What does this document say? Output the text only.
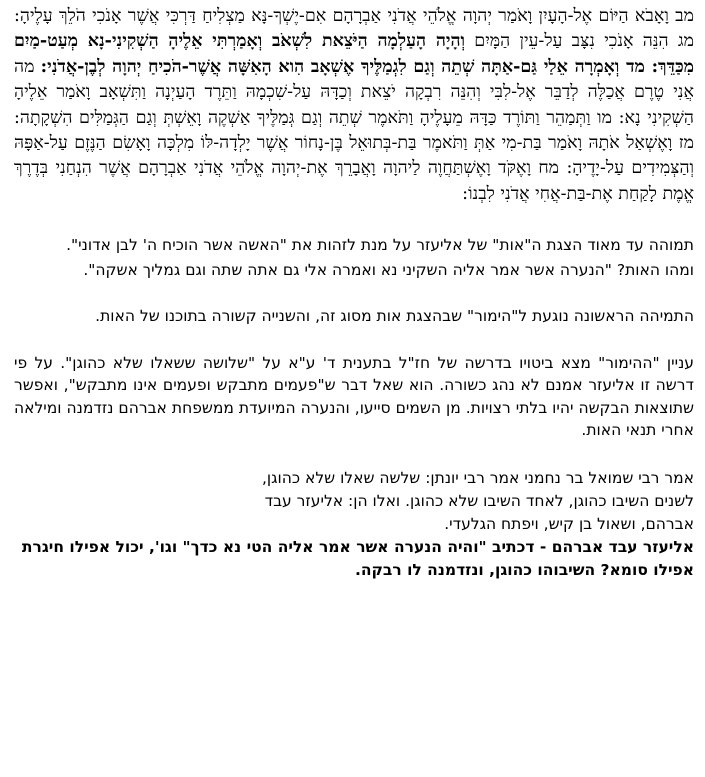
מב וָאָבֹא הַיּוֹם אֶל-הָעָיִן וָאֹמַר יְהוָה אֱלֹהֵי אֲדֹנִי אַבְרָהָם אִם-יֶשְׁךָ-נָּא מַצְלִיחַ דַּרְכִּי אֲשֶׁר אָנֹכִי הֹלֵךְ עָלֶיהָ: מג הִנֵּה אָנֹכִי נִצָּב עַל-עֵין הַמָּיִם וְהָיָה הָעַלְמָה הַיֹּצֵאת לִשְׁאֹב וְאָמַרְתִּי אֵלֶיהָ הַשְׁקִינִי-נָא מְעַט-מַיִם מִכַּדֵּךְ: מד וְאָמְרָה אֵלַי גַּם-אַתָּה שְׁתֵה וְגַם לִגְמַלֶּיךָ אֶשְׁאָב הִוא הָאִשָּׁה אֲשֶׁר-הֹכִיחַ יְהוָה לְבֶן-אֲדֹנִי: מה אֲנִי טֶרֶם אֲכַלֶּה לְדַבֵּר אֶל-לִבִּי וְהִנֵּה רִבְקָה יֹצֵאת וְכַדָּהּ עַל-שִׁכְמָהּ וַתֵּרֶד הָעַיְנָה וַתִּשְׁאָב וָאֹמַר אֵלֶיהָ הַשְׁקִינִי נָא: מו וַתְּמַהֵר וַתּוֹרֶד כַּדָּהּ מֵעָלֶיהָ וַתֹּאמֶר שְׁתֵה וְגַם גְּמַלֶּיךָ אַשְׁקֶה וָאֵשְׁתְּ וְגַם הַגְּמַלִּים הִשְׁקָתָה: מז וָאֶשְׁאַל אֹתָהּ וָאֹמַר בַּת-מִי אַתְּ וַתֹּאמֶר בַּת-בְּתוּאֵל בֶּן-נָחוֹר אֲשֶׁר יָלְדָה-לּוֹ מִלְכָּה וָאָשִׂם הַנֶּזֶם עַל-אַפָּהּ וְהַצְּמִידִים עַל-יָדֶיהָ: מח וָאֶקֹּד וָאֶשְׁתַּחֲוֶה לַיהוָה וָאֲבָרֵךְ אֶת-יְהוָה אֱלֹהֵי אֲדֹנִי אַבְרָהָם אֲשֶׁר הִנְחַנִי בְּדֶרֶךְ אֱמֶת לָקַחַת אֶת-בַּת-אֲחִי אֲדֹנִי לִבְנוֹ:

תמוהה עד מאוד הצגת ה"אות" של אליעזר על מנת לזהות את "האשה אשר הוכיח ה' לבן אדוני".

ומהו האות? "הנערה אשר אמר אליה השקיני נא ואמרה אלי גם אתה שתה וגם גמליך אשקה".

התמיהה הראשונה נוגעת ל"הימור" שבהצגת אות מסוג זה, והשנייה קשורה בתוכנו של האות.

עניין "ההימור" מצא ביטויו בדרשה של חז"ל בתענית ד' ע"א על "שלושה ששאלו שלא כהוגן". על פי דרשה זו אליעזר אמנם לא נהג כשורה. הוא שאל דבר ש"פעמים מתבקש ופעמים אינו מתבקש", ואפשר שתוצאות הבקשה יהיו בלתי רצויות. מן השמים סייעו, והנערה המיועדת ממשפחת אברהם נזדמנה ומילאה אחרי תנאי האות.

אמר רבי שמואל בר נחמני אמר רבי יונתן: שלשה שאלו שלא כהוגן,
לשנים השיבו כהוגן, לאחד השיבו שלא כהוגן. ואלו הן: אליעזר עבד
אברהם, ושאול בן קיש, ויפתח הגלעדי.
אליעזר עבד אברהם - דכתיב "והיה הנערה אשר אמר אליה הטי נא כדך" וגו', יכול אפילו חיגרת אפילו סומא? השיבוהו כהוגן, ונזדמנה לו רבקה.
